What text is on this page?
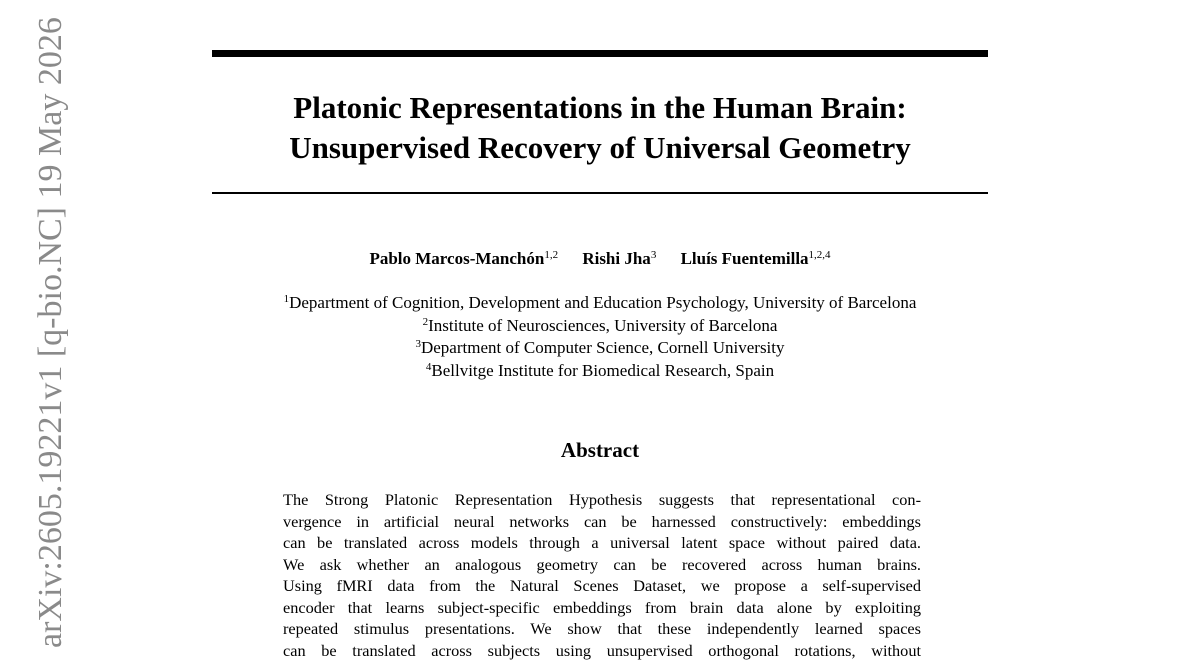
arXiv:2605.19221v1 [q-bio.NC] 19 May 2026	Platonic Representations in the Human Brain:
Unsupervised Recovery of Universal Geometry
Pablo Marcos-Manchón$^{1,2}$ Rishi Jha$^3$ Lluís Fuentemilla$^{1,2,4}$
$^1$Department of Cognition, Development and Education Psychology, University of Barcelona
$^2$Institute of Neurosciences, University of Barcelona
$^3$Department of Computer Science, Cornell University
$^4$Bellvitge Institute for Biomedical Research, Spain
Abstract
The Strong Platonic Representation Hypothesis suggests that representational con-
vergence in artificial neural networks can be harnessed constructively: embeddings
can be translated across models through a universal latent space without paired data.
We ask whether an analogous geometry can be recovered across human brains.
Using fMRI data from the Natural Scenes Dataset, we propose a self-supervised
encoder that learns subject-specific embeddings from brain data alone by exploiting
repeated stimulus presentations. We show that these independently learned spaces
can be translated across subjects using unsupervised orthogonal rotations, without
